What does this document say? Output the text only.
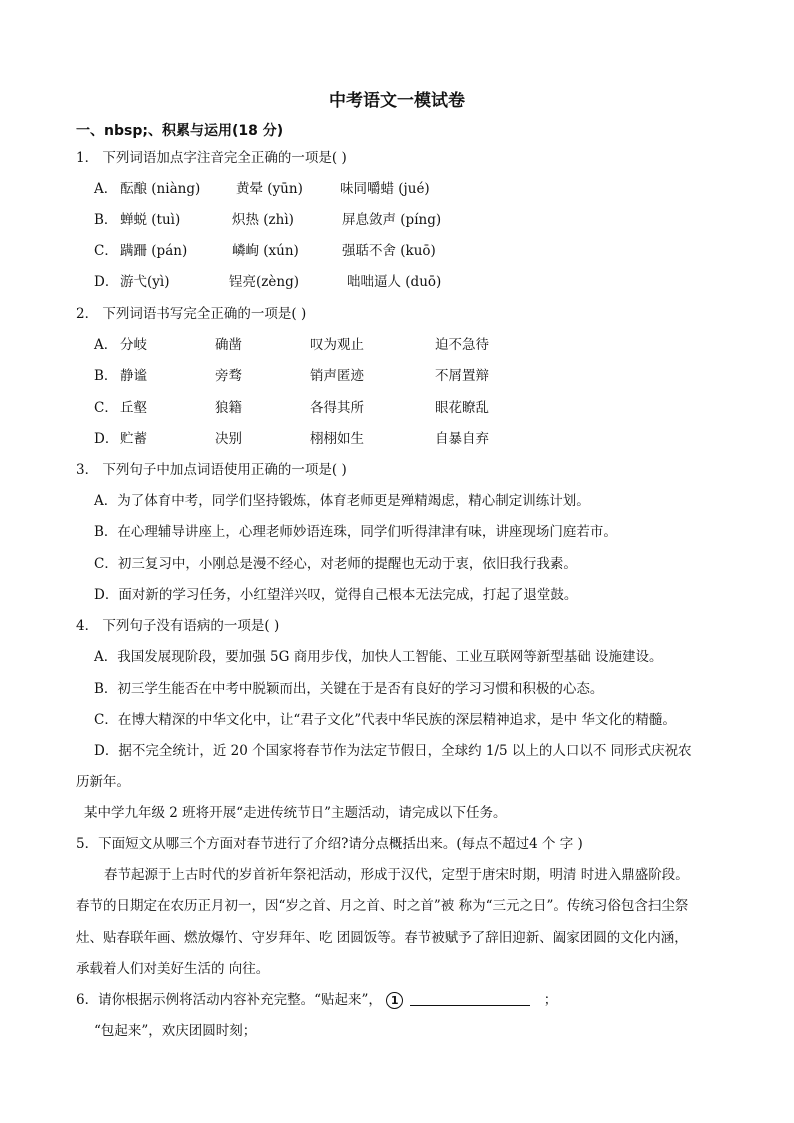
中考语文一模试卷
一、nbsp;、积累与运用(18 分)
1． 下列词语加点字注音完全正确的一项是( )
A． 酝酿 (niàng)	黄晕 (yūn)	味同嚼蜡 (jué)
B． 蝉蜕 (tuì)	炽热 (zhì)	屏息敛声 (píng)
C． 蹒跚 (pán)	嶙峋 (xún)	强聒不舍 (kuō)
D． 游弋(yì)	锃亮(zèng)	咄咄逼人 (duō)
2． 下列词语书写完全正确的一项是( )
A． 分岐	确凿	叹为观止	迫不急待
B． 静谧	旁骛	销声匿迹	不屑置辩
C． 丘壑	狼籍	各得其所	眼花瞭乱
D． 贮蓄	决别	栩栩如生	自暴自弃
3． 下列句子中加点词语使用正确的一项是( )
A．为了体育中考，同学们坚持锻炼，体育老师更是殚精竭虑，精心制定训练计划。
B．在心理辅导讲座上，心理老师妙语连珠，同学们听得津津有味，讲座现场门庭若市。
C．初三复习中，小刚总是漫不经心，对老师的提醒也无动于衷，依旧我行我素。
D．面对新的学习任务，小红望洋兴叹，觉得自己根本无法完成，打起了退堂鼓。
4． 下列句子没有语病的一项是( )
A．我国发展现阶段，要加强 5G 商用步伐，加快人工智能、工业互联网等新型基础 设施建设。
B．初三学生能否在中考中脱颖而出，关键在于是否有良好的学习习惯和积极的心态。
C．在博大精深的中华文化中，让“君子文化”代表中华民族的深层精神追求，是中 华文化的精髓。
D．据不完全统计，近 20 个国家将春节作为法定节假日，全球约 1/5 以上的人口以不 同形式庆祝农
历新年。
某中学九年级 2 班将开展“走进传统节日”主题活动，请完成以下任务。
5．下面短文从哪三个方面对春节进行了介绍?请分点概括出来。(每点不超过4 个 字 )
春节起源于上古时代的岁首祈年祭祀活动，形成于汉代，定型于唐宋时期，明清 时进入鼎盛阶段。
春节的日期定在农历正月初一，因“岁之首、月之首、时之首”被 称为“三元之日”。传统习俗包含扫尘祭
灶、贴春联年画、燃放爆竹、守岁拜年、吃 团圆饭等。春节被赋予了辞旧迎新、阖家团圆的文化内涵，
承载着人们对美好生活的 向往。
6．请你根据示例将活动内容补充完整。“贴起来”， 1	；
“包起来”，欢庆团圆时刻；
